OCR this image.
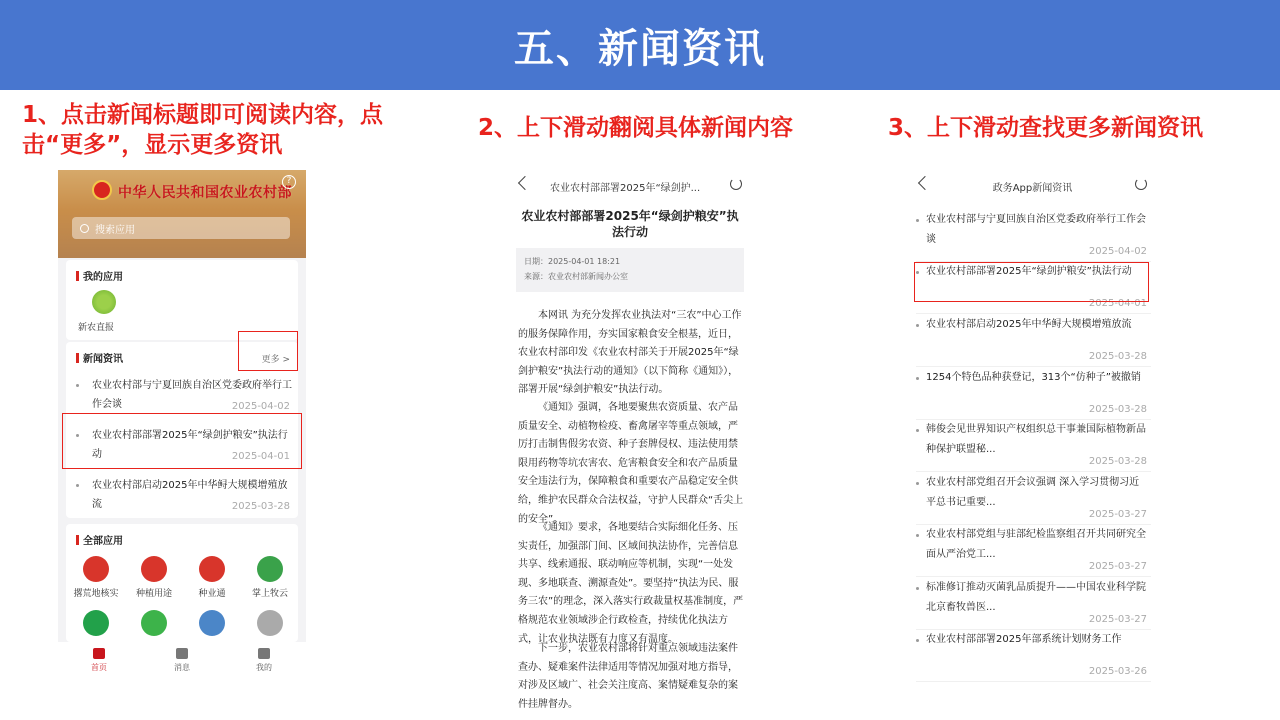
五、新闻资讯
1、点击新闻标题即可阅读内容，点击“更多”，显示更多资讯
2、上下滑动翻阅具体新闻内容	3、上下滑动查找更多新闻资讯
中华人民共和国农业农村部
?
搜索应用
我的应用
新农直报
新闻资讯	更多 >
农业农村部与宁夏回族自治区党委政府举行工作会谈	2025-04-02
农业农村部部署2025年“绿剑护粮安”执法行动	2025-04-01
农业农村部启动2025年中华鲟大规模增殖放流	2025-03-28
全部应用
撂荒地核实	种植用途	种业通	掌上牧云
首页	消息	我的
农业农村部部署2025年“绿剑护...
农业农村部部署2025年“绿剑护粮安”执法行动
日期：2025-04-01 18:21
来源：农业农村部新闻办公室
本网讯 为充分发挥农业执法对“三农”中心工作的服务保障作用，夯实国家粮食安全根基，近日，农业农村部印发《农业农村部关于开展2025年“绿剑护粮安”执法行动的通知》（以下简称《通知》），部署开展“绿剑护粮安”执法行动。
《通知》强调，各地要聚焦农资质量、农产品质量安全、动植物检疫、畜禽屠宰等重点领域，严厉打击制售假劣农资、种子套牌侵权、违法使用禁限用药物等坑农害农、危害粮食安全和农产品质量安全违法行为，保障粮食和重要农产品稳定安全供给，维护农民群众合法权益，守护人民群众“舌尖上的安全”。
《通知》要求，各地要结合实际细化任务、压实责任，加强部门间、区域间执法协作，完善信息共享、线索通报、联动响应等机制，实现“一处发现、多地联查、溯源查处”。要坚持“执法为民、服务三农”的理念，深入落实行政裁量权基准制度，严格规范农业领域涉企行政检查，持续优化执法方式，让农业执法既有力度又有温度。
下一步，农业农村部将针对重点领域违法案件查办、疑难案件法律适用等情况加强对地方指导，对涉及区域广、社会关注度高、案情疑难复杂的案件挂牌督办。
政务App新闻资讯
农业农村部与宁夏回族自治区党委政府举行工作会谈
2025-04-02
农业农村部部署2025年“绿剑护粮安”执法行动
2025-04-01
农业农村部启动2025年中华鲟大规模增殖放流
2025-03-28
1254个特色品种获登记，313个“仿种子”被撤销
2025-03-28
韩俊会见世界知识产权组织总干事兼国际植物新品种保护联盟秘...
2025-03-28
农业农村部党组召开会议强调 深入学习贯彻习近平总书记重要...
2025-03-27
农业农村部党组与驻部纪检监察组召开共同研究全面从严治党工...
2025-03-27
标准修订推动灭菌乳品质提升——中国农业科学院北京畜牧兽医...
2025-03-27
农业农村部部署2025年部系统计划财务工作
2025-03-26
